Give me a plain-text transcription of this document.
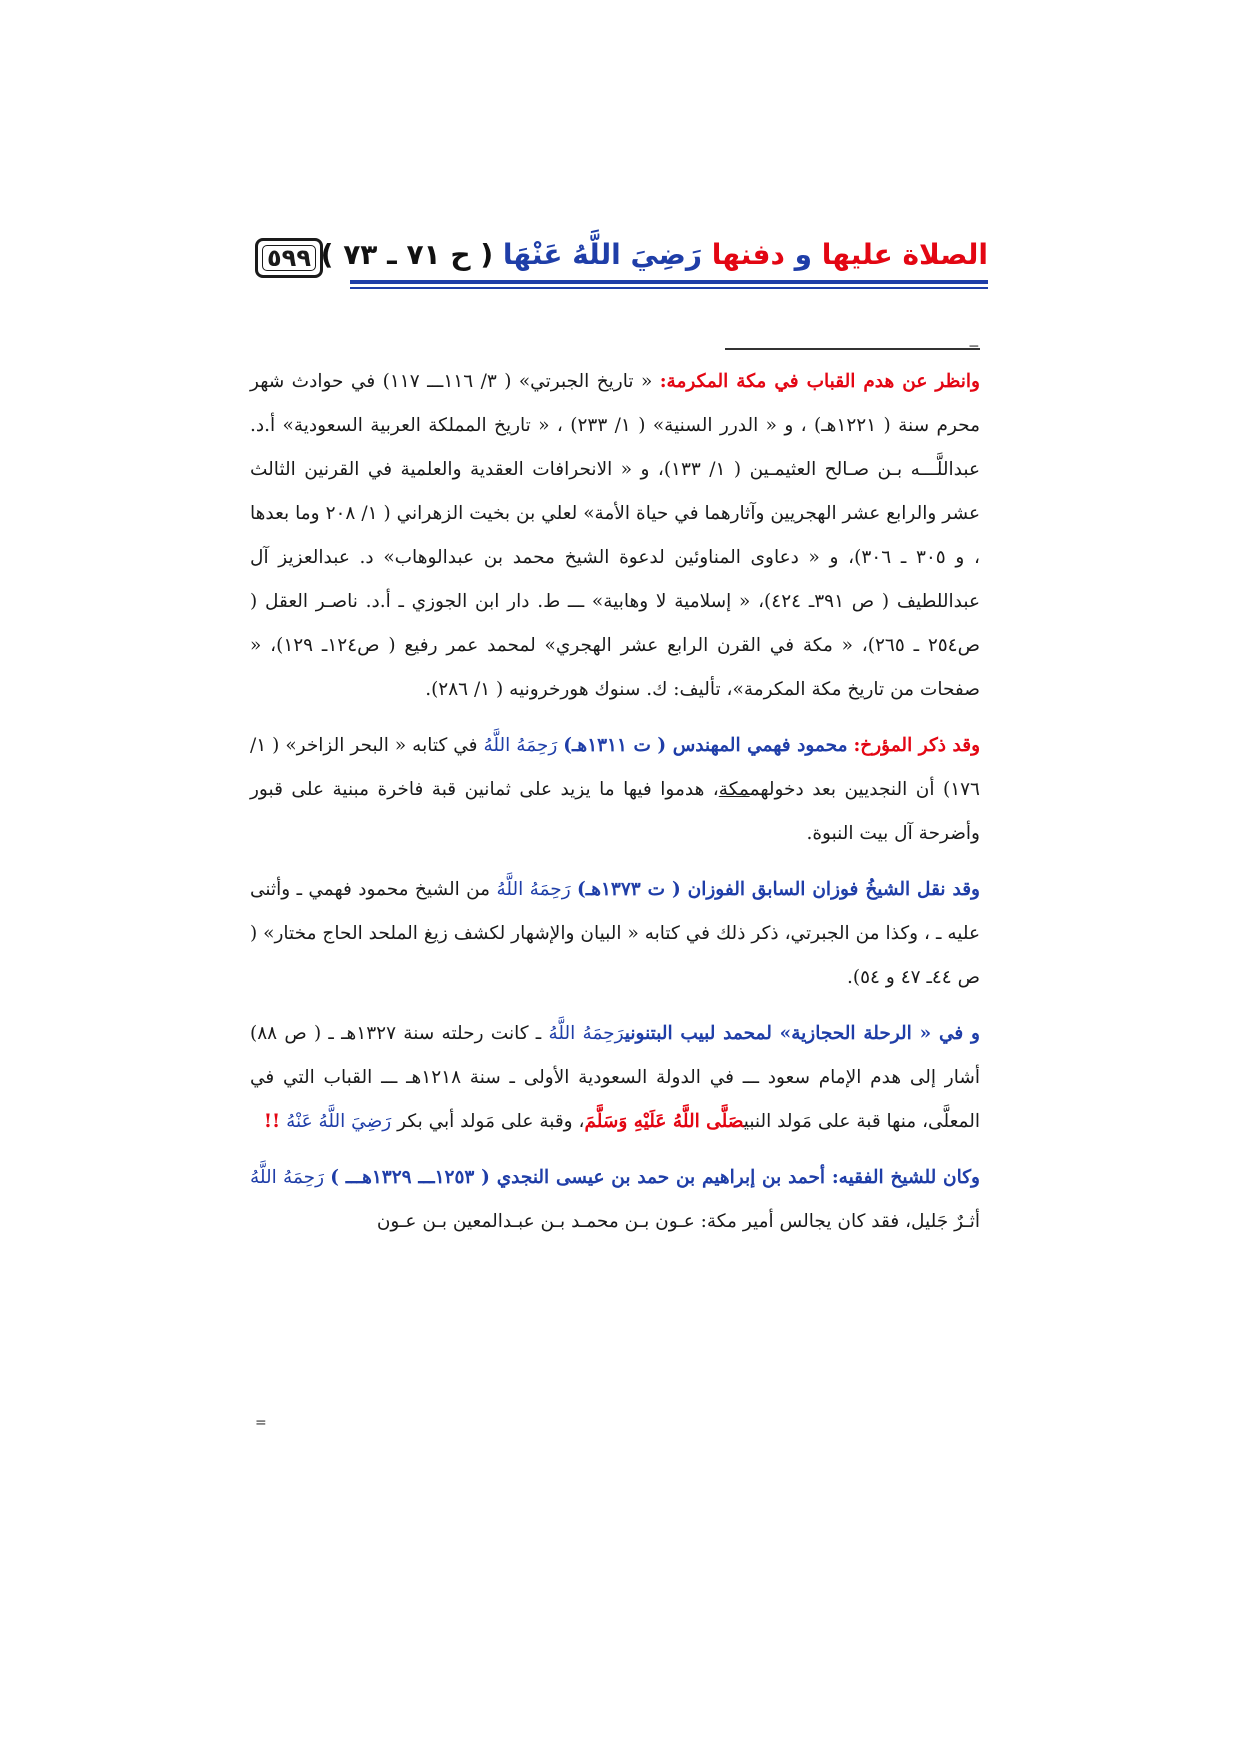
٥٩٩	الصلاة عليها و دفنها رَضِيَ اللَّهُ عَنْهَا ( ح ٧١ ـ ٧٣ )
=

وانظر عن هدم القباب في مكة المكرمة: « تاريخ الجبرتي» ( ٣/ ١١٦ـــ ١١٧) في حوادث شهر محرم سنة ( ١٢٢١هـ) ، و « الدرر السنية» ( ١/ ٢٣٣) ، « تاريخ المملكة العربية السعودية» أ.د. عبداللَّـــه بـن صـالح العثيمـين ( ١/ ١٣٣)، و « الانحرافات العقدية والعلمية في القرنين الثالث عشر والرابع عشر الهجريين وآثارهما في حياة الأمة» لعلي بن بخيت الزهراني ( ١/ ٢٠٨ وما بعدها ، و ٣٠٥ ـ ٣٠٦)، و « دعاوى المناوئين لدعوة الشيخ محمد بن عبدالوهاب» د. عبدالعزيز آل عبداللطيف ( ص ٣٩١ـ ٤٢٤)، « إسلامية لا وهابية» ـــ ط. دار ابن الجوزي ـ أ.د. ناصـر العقل ( ص٢٥٤ ـ ٢٦٥)، « مكة في القرن الرابع عشر الهجري» لمحمد عمر رفيع ( ص١٢٤ـ ١٢٩)، « صفحات من تاريخ مكة المكرمة»، تأليف: ك. سنوك هورخرونيه ( ١/ ٢٨٦).

وقد ذكر المؤرخ: محمود فهمي المهندس ( ت ١٣١١هـ) رَحِمَهُ اللَّهُ في كتابه « البحر الزاخر» ( ١/ ١٧٦) أن النجديين بعد دخولهممكة، هدموا فيها ما يزيد على ثمانين قبة فاخرة مبنية على قبور وأضرحة آل بيت النبوة.

وقد نقل الشيخُ فوزان السابق الفوزان ( ت ١٣٧٣هـ) رَحِمَهُ اللَّهُ من الشيخ محمود فهمي ـ وأثنى عليه ـ ، وكذا من الجبرتي، ذكر ذلك في كتابه « البيان والإشهار لكشف زيغ الملحد الحاج مختار» ( ص ٤٤ـ ٤٧ و ٥٤).

و في « الرحلة الحجازية» لمحمد لبيب البتنونيرَحِمَهُ اللَّهُ ـ كانت رحلته سنة ١٣٢٧هـ ـ ( ص ٨٨) أشار إلى هدم الإمام سعود ـــ في الدولة السعودية الأولى ـ سنة ١٢١٨هـ ـــ القباب التي في المعلَّى، منها قبة على مَولد النبيصَلَّى اللَّهُ عَلَيْهِ وَسَلَّمَ، وقبة على مَولد أبي بكر رَضِيَ اللَّهُ عَنْهُ !!

وكان للشيخ الفقيه: أحمد بن إبراهيم بن حمد بن عيسى النجدي ( ١٢٥٣ـــ ١٣٢٩هـــ ) رَحِمَهُ اللَّهُ أثـرٌ جَليل، فقد كان يجالس أمير مكة: عـون بـن محمـد بـن عبـدالمعين بـن عـون

=
